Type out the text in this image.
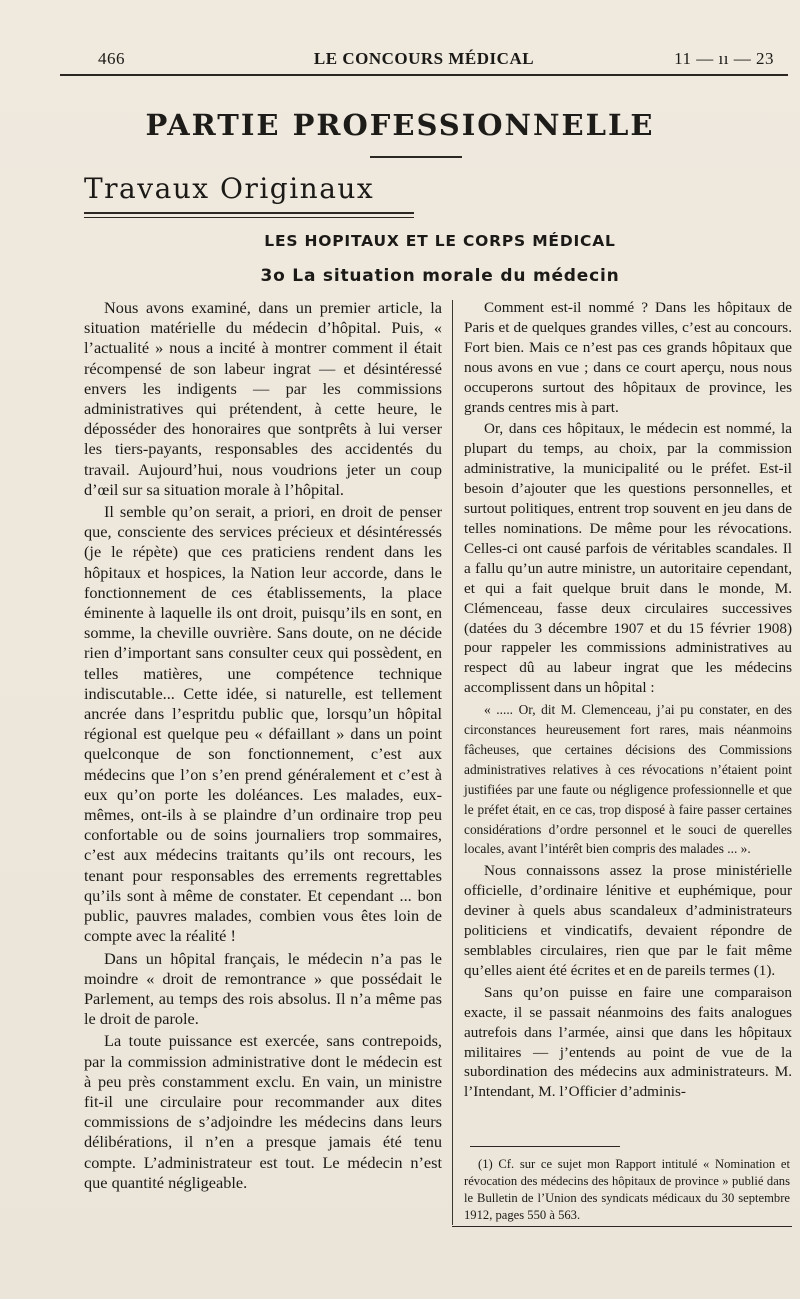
466	LE CONCOURS MÉDICAL	11 — ıı — 23
PARTIE PROFESSIONNELLE
Travaux Originaux
LES HOPITAUX ET LE CORPS MÉDICAL
3o La situation morale du médecin

Nous avons examiné, dans un premier article, la situation matérielle du médecin d’hôpital. Puis, « l’actualité » nous a incité à montrer comment il était récompensé de son labeur ingrat — et désintéressé envers les indigents — par les commissions administratives qui prétendent, à cette heure, le déposséder des honoraires que sontprêts à lui verser les tiers-payants, responsables des accidentés du travail. Aujourd’hui, nous voudrions jeter un coup d’œil sur sa situation morale à l’hôpital.

Il semble qu’on serait, a priori, en droit de penser que, consciente des services précieux et désintéressés (je le répète) que ces praticiens rendent dans les hôpitaux et hospices, la Nation leur accorde, dans le fonctionnement de ces établissements, la place éminente à laquelle ils ont droit, puisqu’ils en sont, en somme, la cheville ouvrière. Sans doute, on ne décide rien d’important sans consulter ceux qui possèdent, en telles matières, une compétence technique indiscutable... Cette idée, si naturelle, est tellement ancrée dans l’espritdu public que, lorsqu’un hôpital régional est quelque peu « défaillant » dans un point quelconque de son fonctionnement, c’est aux médecins que l’on s’en prend généralement et c’est à eux qu’on porte les doléances. Les malades, eux-mêmes, ont-ils à se plaindre d’un ordinaire trop peu confortable ou de soins journaliers trop sommaires, c’est aux médecins traitants qu’ils ont recours, les tenant pour responsables des errements regrettables qu’ils sont à même de constater. Et cependant ... bon public, pauvres malades, combien vous êtes loin de compte avec la réalité !

Dans un hôpital français, le médecin n’a pas le moindre « droit de remontrance » que possédait le Parlement, au temps des rois absolus. Il n’a même pas le droit de parole.

La toute puissance est exercée, sans contrepoids, par la commission administrative dont le médecin est à peu près constamment exclu. En vain, un ministre fit-il une circulaire pour recommander aux dites commissions de s’adjoindre les médecins dans leurs délibérations, il n’en a presque jamais été tenu compte. L’administrateur est tout. Le médecin n’est que quantité négligeable.

Comment est-il nommé ? Dans les hôpitaux de Paris et de quelques grandes villes, c’est au concours. Fort bien. Mais ce n’est pas ces grands hôpitaux que nous avons en vue ; dans ce court aperçu, nous nous occuperons surtout des hôpitaux de province, les grands centres mis à part.

Or, dans ces hôpitaux, le médecin est nommé, la plupart du temps, au choix, par la commission administrative, la municipalité ou le préfet. Est-il besoin d’ajouter que les questions personnelles, et surtout politiques, entrent trop souvent en jeu dans de telles nominations. De même pour les révocations. Celles-ci ont causé parfois de véritables scandales. Il a fallu qu’un autre ministre, un autoritaire cependant, et qui a fait quelque bruit dans le monde, M. Clémenceau, fasse deux circulaires successives (datées du 3 décembre 1907 et du 15 février 1908) pour rappeler les commissions administratives au respect dû au labeur ingrat que les médecins accomplissent dans un hôpital :

« ..... Or, dit M. Clemenceau, j’ai pu constater, en des circonstances heureusement fort rares, mais néanmoins fâcheuses, que certaines décisions des Commissions administratives relatives à ces révocations n’étaient point justifiées par une faute ou négligence professionnelle et que le préfet était, en ce cas, trop disposé à faire passer certaines considérations d’ordre personnel et le souci de querelles locales, avant l’intérêt bien compris des malades ... ».

Nous connaissons assez la prose ministérielle officielle, d’ordinaire lénitive et euphémique, pour deviner à quels abus scandaleux d’administrateurs politiciens et vindicatifs, devaient répondre de semblables circulaires, rien que par le fait même qu’elles aient été écrites et en de pareils termes (1).

Sans qu’on puisse en faire une comparaison exacte, il se passait néanmoins des faits analogues autrefois dans l’armée, ainsi que dans les hôpitaux militaires — j’entends au point de vue de la subordination des médecins aux administrateurs. M. l’Intendant, M. l’Officier d’adminis-

(1) Cf. sur ce sujet mon Rapport intitulé « Nomination et révocation des médecins des hôpitaux de province » publié dans le Bulletin de l’Union des syndicats médicaux du 30 septembre 1912, pages 550 à 563.
